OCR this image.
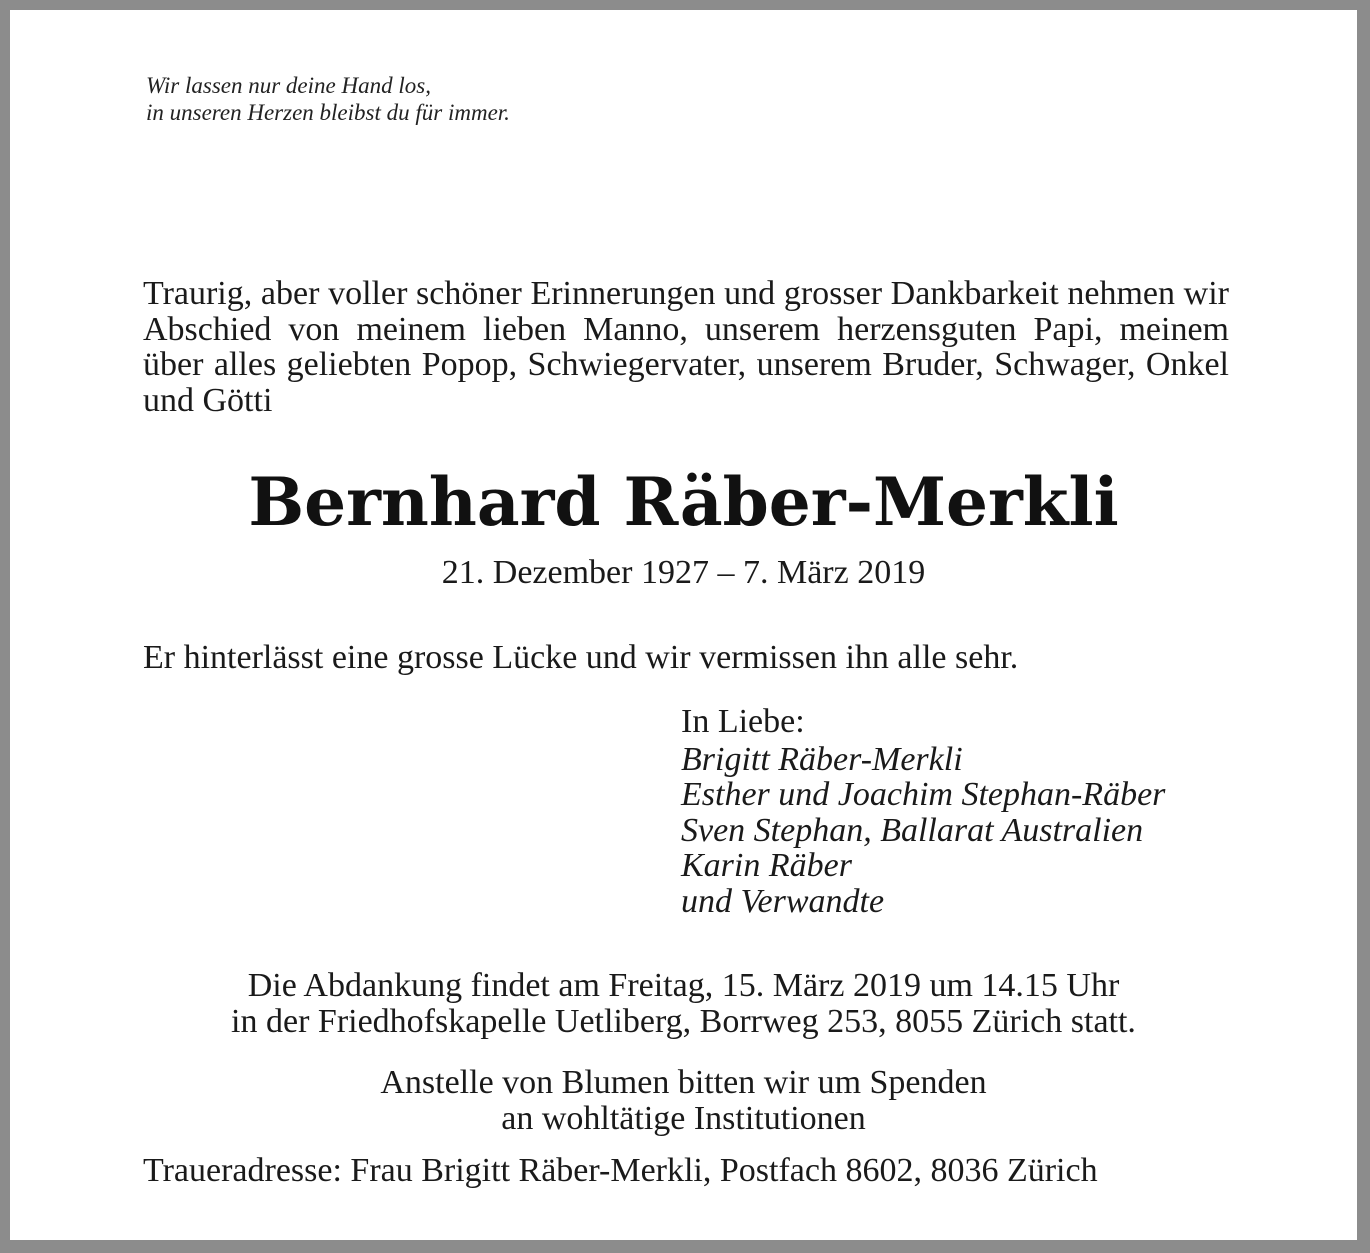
Wir lassen nur deine Hand los,
in unseren Herzen bleibst du für immer.
Traurig, aber voller schöner Erinnerungen und grosser Dankbarkeit nehmen wir Abschied von meinem lieben Manno, unserem herzensguten Papi, meinem über alles geliebten Popop, Schwiegervater, unserem Bruder, Schwager, Onkel und Götti
Bernhard Räber-Merkli
21. Dezember 1927 – 7. März 2019
Er hinterlässt eine grosse Lücke und wir vermissen ihn alle sehr.
In Liebe:
Brigitt Räber-Merkli
Esther und Joachim Stephan-Räber
Sven Stephan, Ballarat Australien
Karin Räber
und Verwandte
Die Abdankung findet am Freitag, 15. März 2019 um 14.15 Uhr
in der Friedhofskapelle Uetliberg, Borrweg 253, 8055 Zürich statt.
Anstelle von Blumen bitten wir um Spenden
an wohltätige Institutionen
Traueradresse: Frau Brigitt Räber-Merkli, Postfach 8602, 8036 Zürich
